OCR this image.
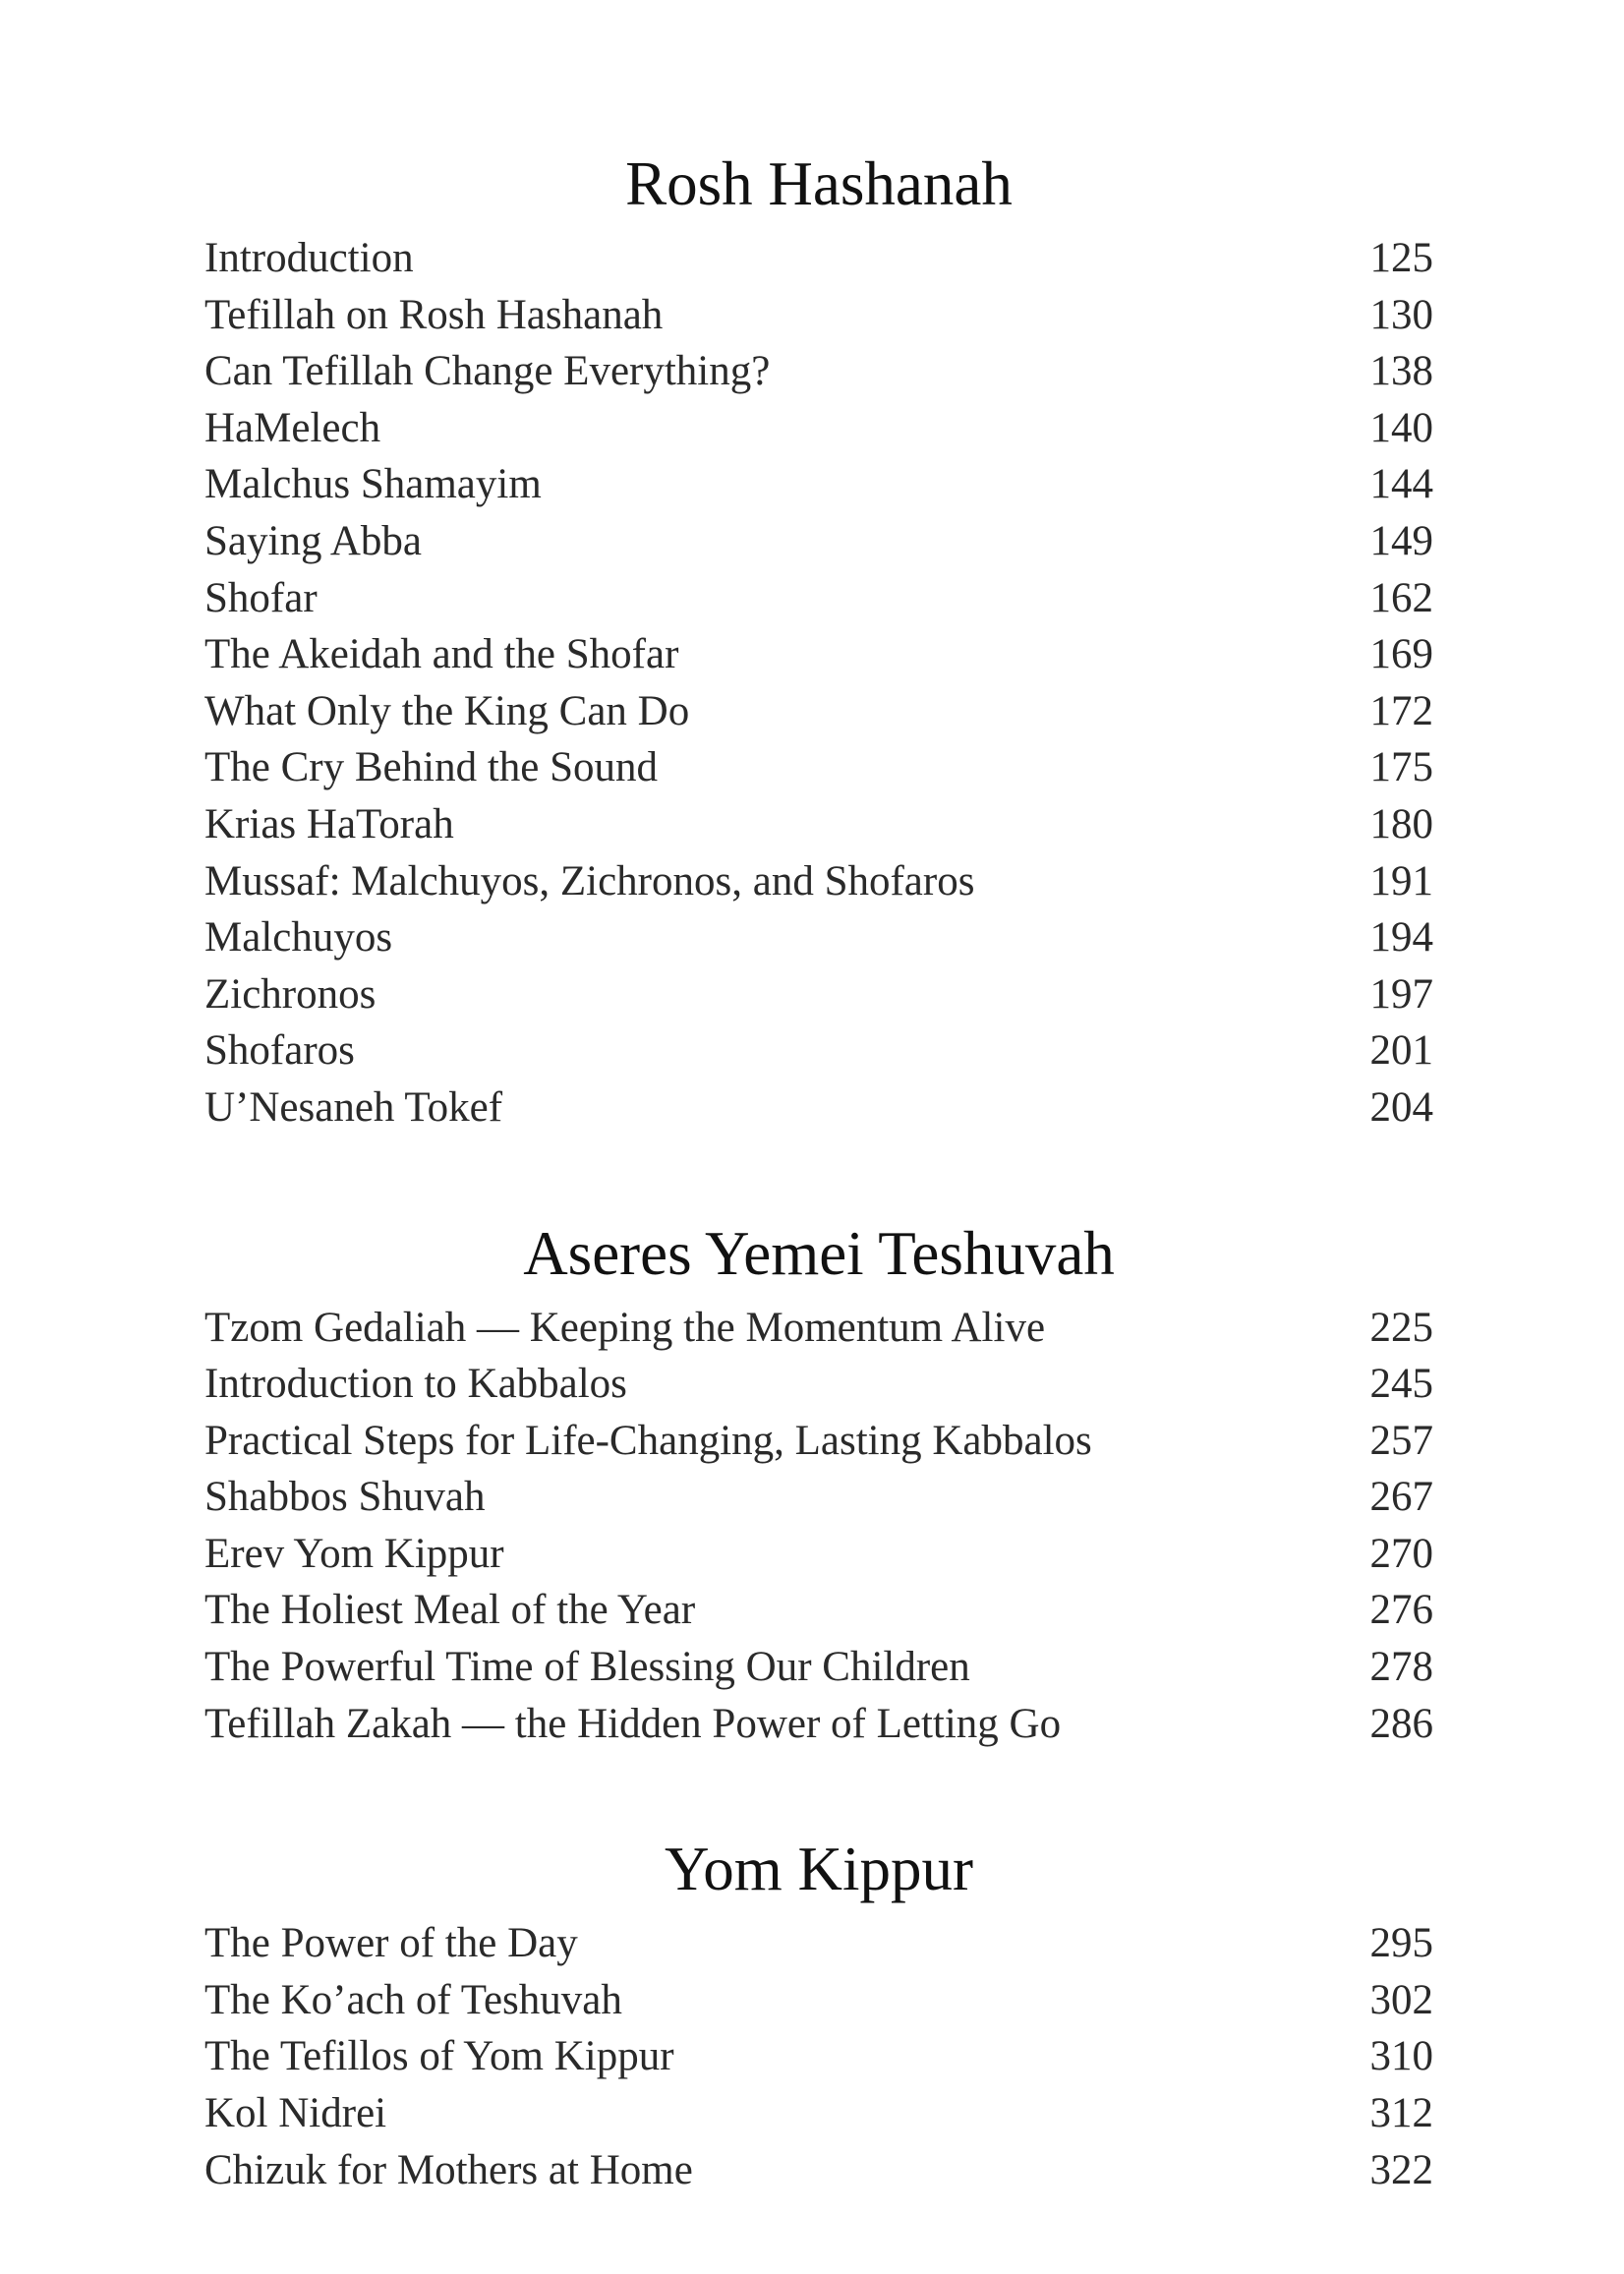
Rosh Hashanah
Introduction	125
Tefillah on Rosh Hashanah	130
Can Tefillah Change Everything?	138
HaMelech	140
Malchus Shamayim	144
Saying Abba	149
Shofar	162
The Akeidah and the Shofar	169
What Only the King Can Do	172
The Cry Behind the Sound	175
Krias HaTorah	180
Mussaf: Malchuyos, Zichronos, and Shofaros	191
Malchuyos	194
Zichronos	197
Shofaros	201
U’Nesaneh Tokef	204
Aseres Yemei Teshuvah
Tzom Gedaliah — Keeping the Momentum Alive	225
Introduction to Kabbalos	245
Practical Steps for Life-Changing, Lasting Kabbalos	257
Shabbos Shuvah	267
Erev Yom Kippur	270
The Holiest Meal of the Year	276
The Powerful Time of Blessing Our Children	278
Tefillah Zakah — the Hidden Power of Letting Go	286
Yom Kippur
The Power of the Day	295
The Ko’ach of Teshuvah	302
The Tefillos of Yom Kippur	310
Kol Nidrei	312
Chizuk for Mothers at Home	322
